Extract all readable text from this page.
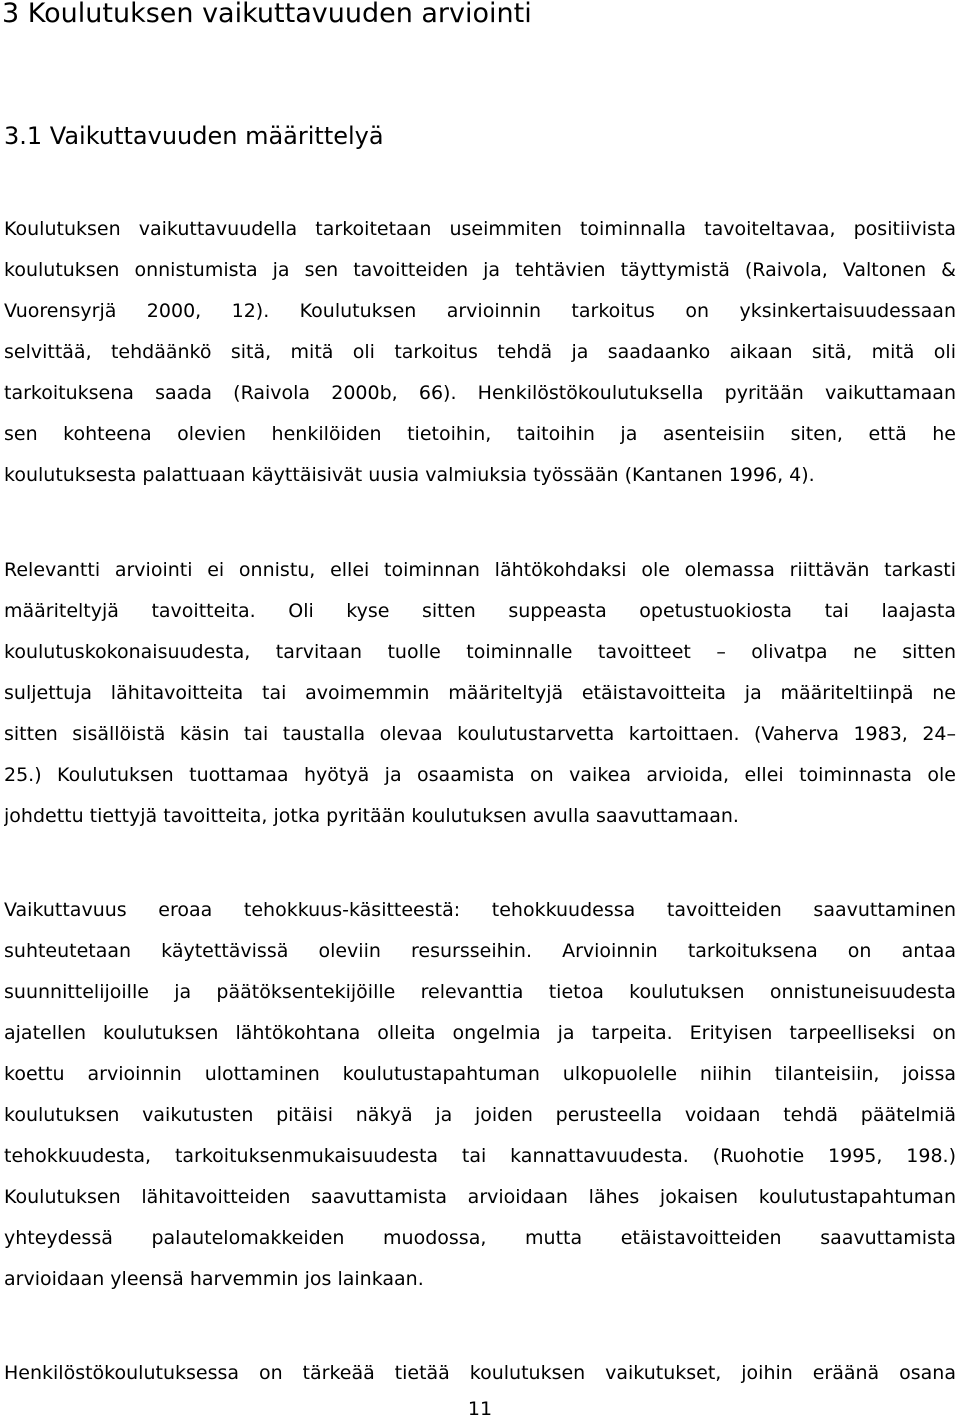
3 Koulutuksen vaikuttavuuden arviointi
3.1 Vaikuttavuuden määrittelyä
Koulutuksen vaikuttavuudella tarkoitetaan useimmiten toiminnalla tavoiteltavaa, positiivista
koulutuksen onnistumista ja sen tavoitteiden ja tehtävien täyttymistä (Raivola, Valtonen &
Vuorensyrjä 2000, 12). Koulutuksen arvioinnin tarkoitus on yksinkertaisuudessaan
selvittää, tehdäänkö sitä, mitä oli tarkoitus tehdä ja saadaanko aikaan sitä, mitä oli
tarkoituksena saada (Raivola 2000b, 66). Henkilöstökoulutuksella pyritään vaikuttamaan
sen kohteena olevien henkilöiden tietoihin, taitoihin ja asenteisiin siten, että he
koulutuksesta palattuaan käyttäisivät uusia valmiuksia työssään (Kantanen 1996, 4).
Relevantti arviointi ei onnistu, ellei toiminnan lähtökohdaksi ole olemassa riittävän tarkasti
määriteltyjä tavoitteita. Oli kyse sitten suppeasta opetustuokiosta tai laajasta
koulutuskokonaisuudesta, tarvitaan tuolle toiminnalle tavoitteet – olivatpa ne sitten
suljettuja lähitavoitteita tai avoimemmin määriteltyjä etäistavoitteita ja määriteltiinpä ne
sitten sisällöistä käsin tai taustalla olevaa koulutustarvetta kartoittaen. (Vaherva 1983, 24–
25.) Koulutuksen tuottamaa hyötyä ja osaamista on vaikea arvioida, ellei toiminnasta ole
johdettu tiettyjä tavoitteita, jotka pyritään koulutuksen avulla saavuttamaan.
Vaikuttavuus eroaa tehokkuus-käsitteestä: tehokkuudessa tavoitteiden saavuttaminen
suhteutetaan käytettävissä oleviin resursseihin. Arvioinnin tarkoituksena on antaa
suunnittelijoille ja päätöksentekijöille relevanttia tietoa koulutuksen onnistuneisuudesta
ajatellen koulutuksen lähtökohtana olleita ongelmia ja tarpeita. Erityisen tarpeelliseksi on
koettu arvioinnin ulottaminen koulutustapahtuman ulkopuolelle niihin tilanteisiin, joissa
koulutuksen vaikutusten pitäisi näkyä ja joiden perusteella voidaan tehdä päätelmiä
tehokkuudesta, tarkoituksenmukaisuudesta tai kannattavuudesta. (Ruohotie 1995, 198.)
Koulutuksen lähitavoitteiden saavuttamista arvioidaan lähes jokaisen koulutustapahtuman
yhteydessä palautelomakkeiden muodossa, mutta etäistavoitteiden saavuttamista
arvioidaan yleensä harvemmin jos lainkaan.
Henkilöstökoulutuksessa on tärkeää tietää koulutuksen vaikutukset, joihin eräänä osana
11
